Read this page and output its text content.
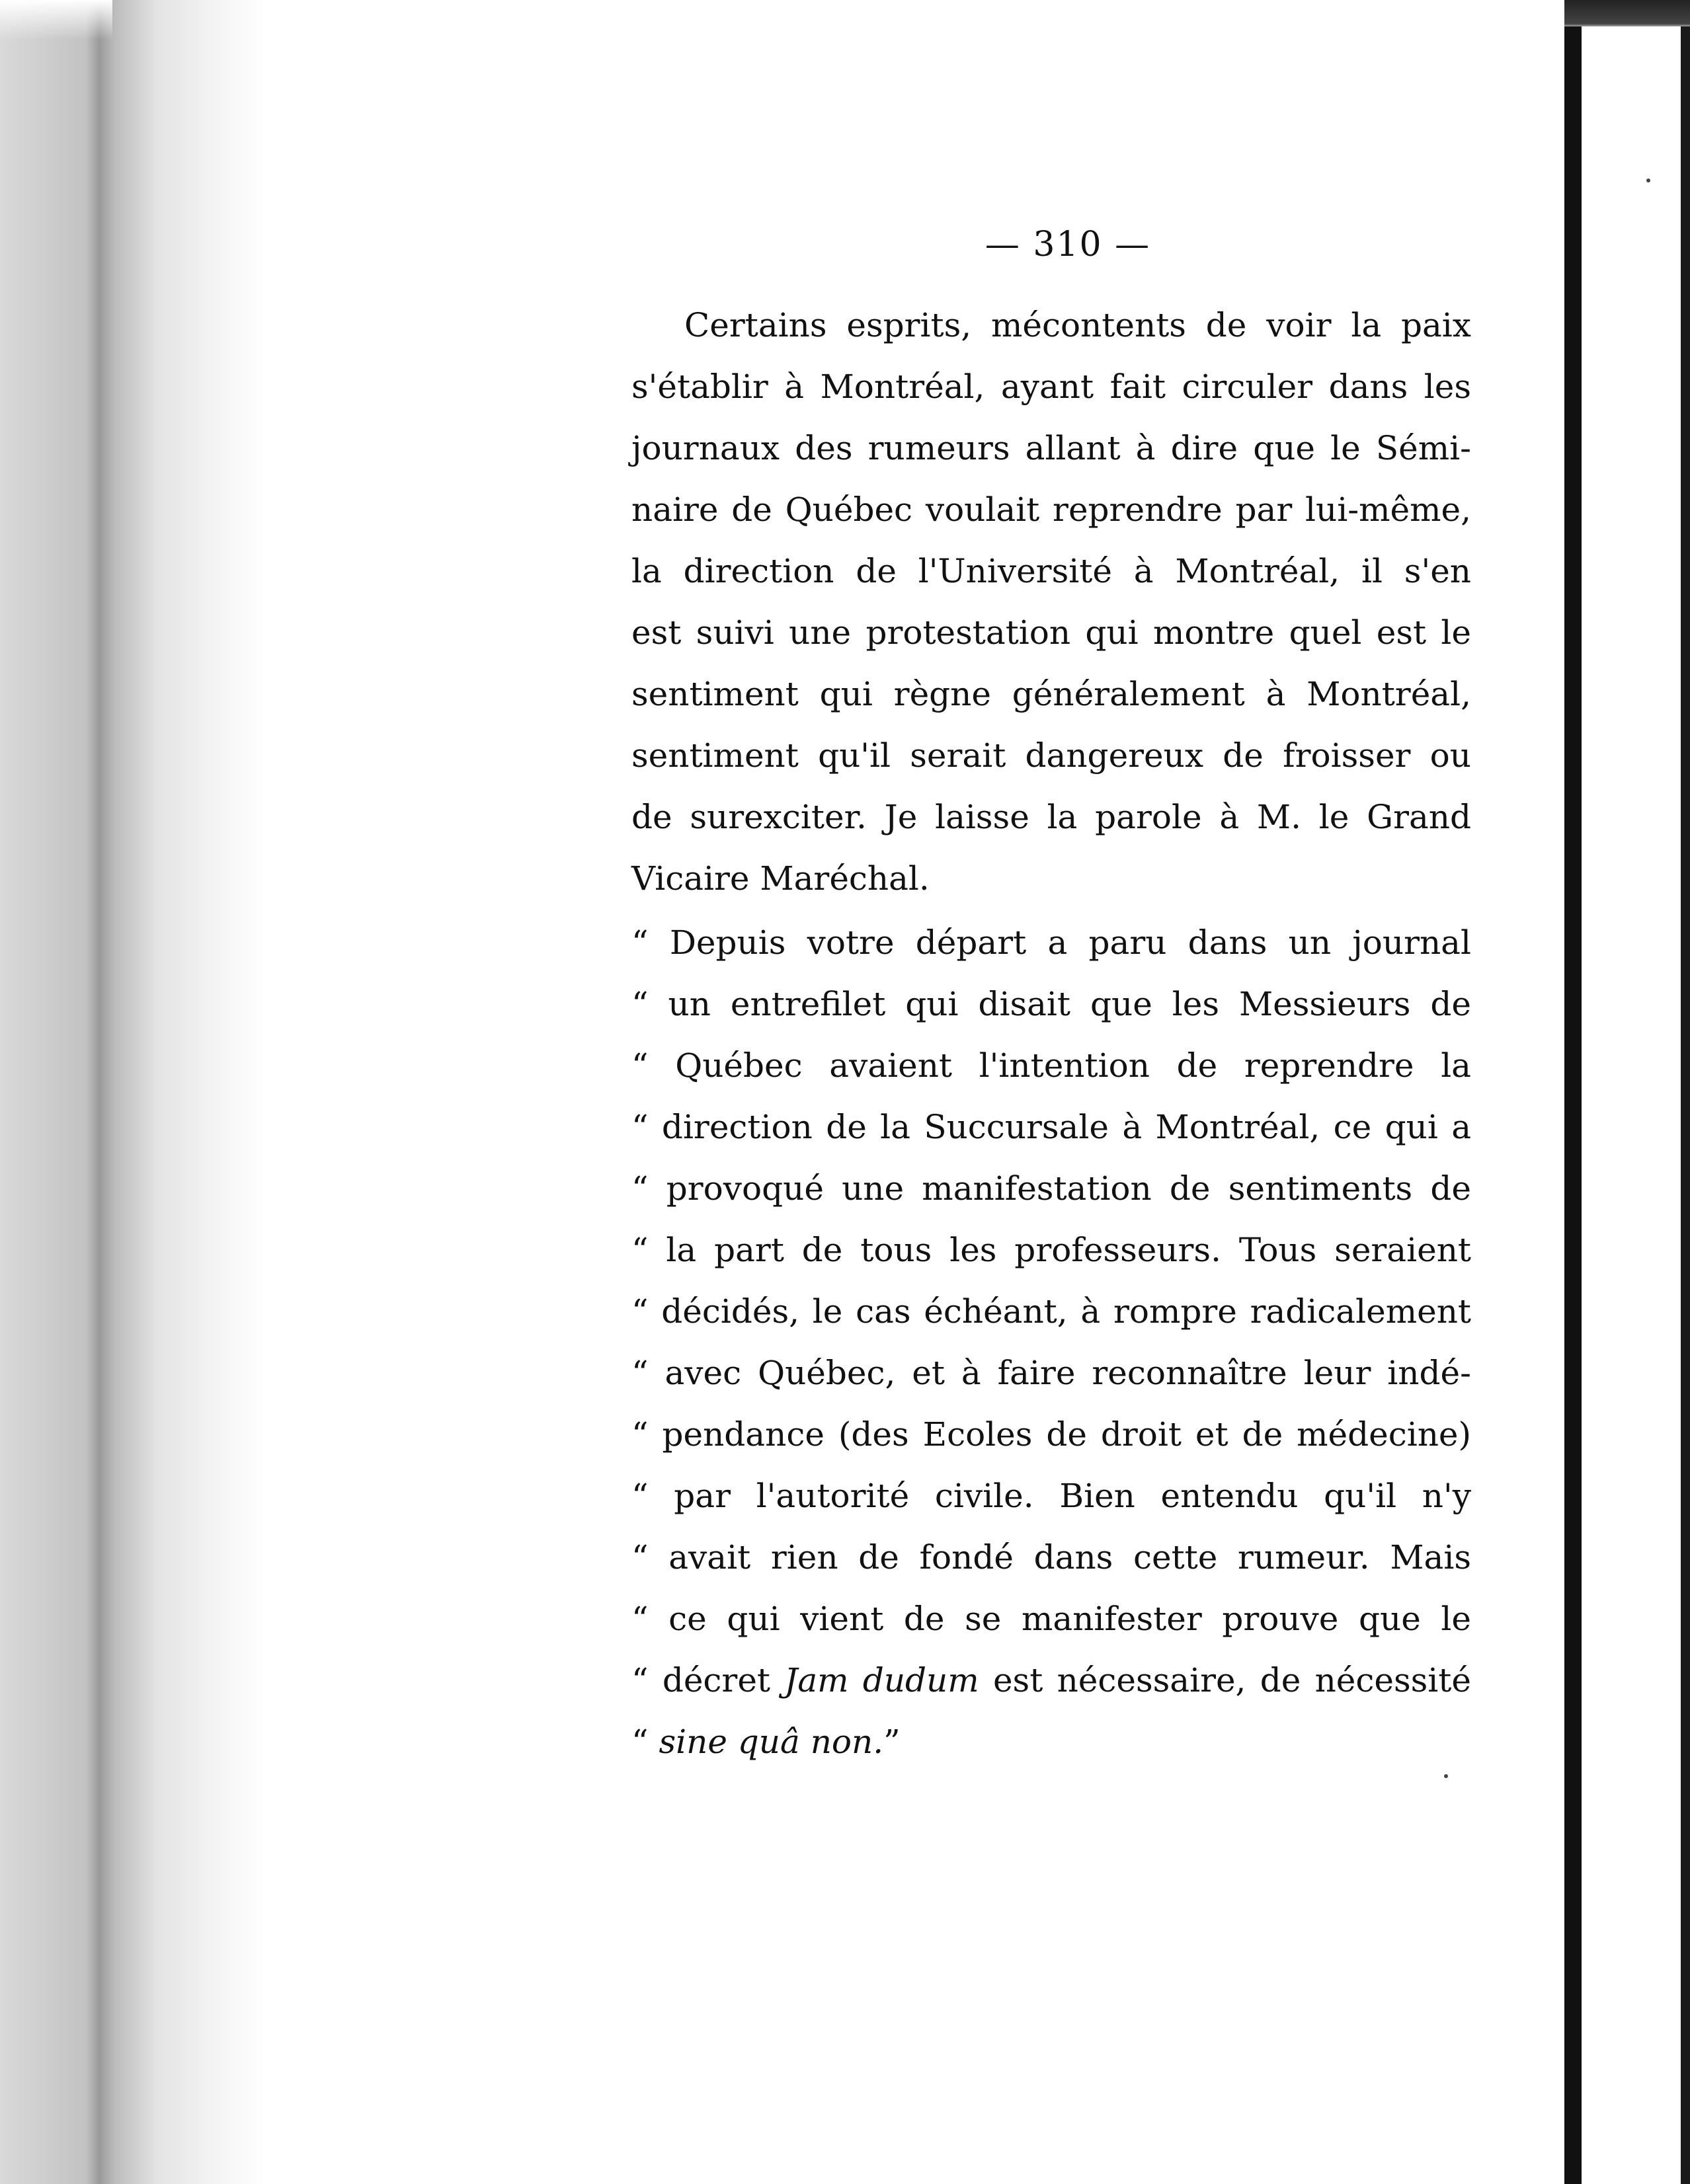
— 310 —
Certains esprits, mécontents de voir la paix
s'établir à Montréal, ayant fait circuler dans les
journaux des rumeurs allant à dire que le Sémi-
naire de Québec voulait reprendre par lui-même,
la direction de l'Université à Montréal, il s'en
est suivi une protestation qui montre quel est le
sentiment qui règne généralement à Montréal,
sentiment qu'il serait dangereux de froisser ou
de surexciter. Je laisse la parole à M. le Grand
Vicaire Maréchal.
“ Depuis votre départ a paru dans un journal
“ un entrefilet qui disait que les Messieurs de
“ Québec avaient l'intention de reprendre la
“ direction de la Succursale à Montréal, ce qui a
“ provoqué une manifestation de sentiments de
“ la part de tous les professeurs. Tous seraient
“ décidés, le cas échéant, à rompre radicalement
“ avec Québec, et à faire reconnaître leur indé-
“ pendance (des Ecoles de droit et de médecine)
“ par l'autorité civile. Bien entendu qu'il n'y
“ avait rien de fondé dans cette rumeur. Mais
“ ce qui vient de se manifester prouve que le
“ décret Jam dudum est nécessaire, de nécessité
“ sine quâ non.”
